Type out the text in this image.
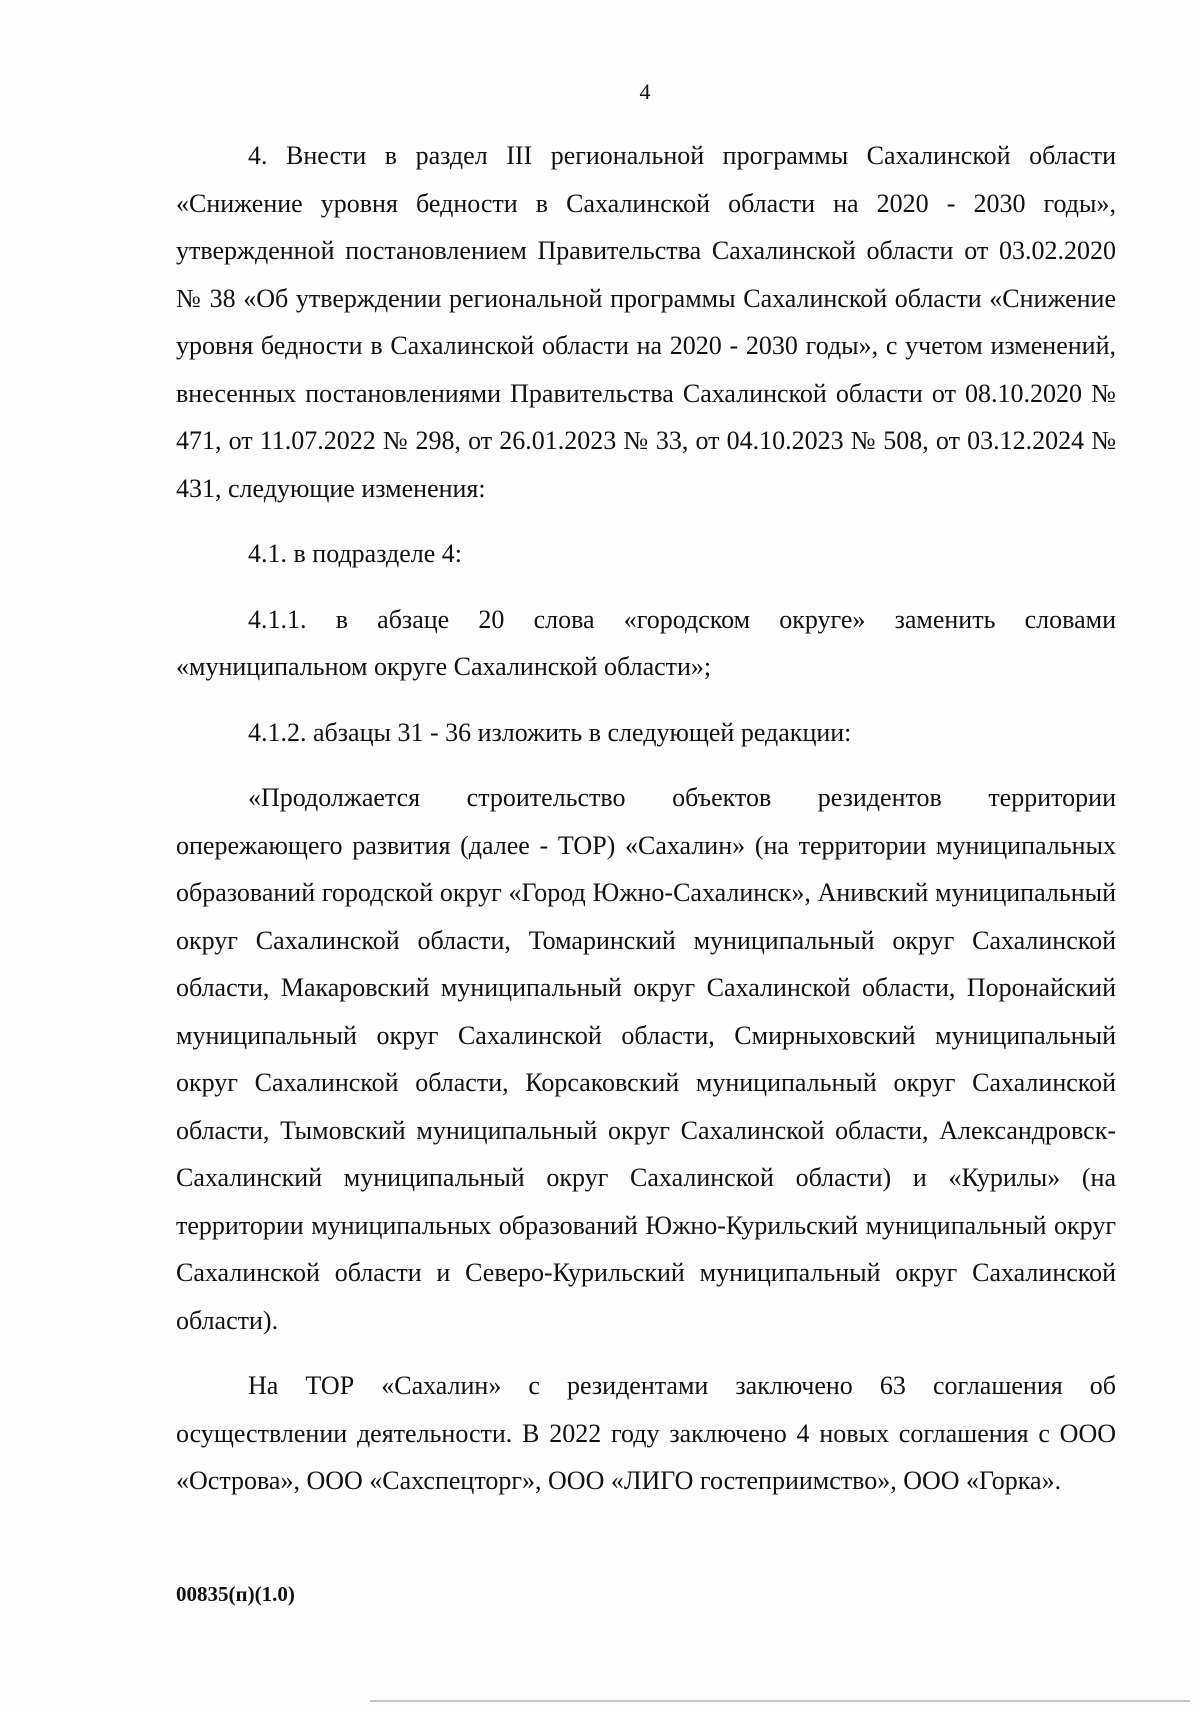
4

4. Внести в раздел III региональной программы Сахалинской области «Снижение уровня бедности в Сахалинской области на 2020 - 2030 годы», утвержденной постановлением Правительства Сахалинской области от 03.02.2020 № 38 «Об утверждении региональной программы Сахалинской области «Снижение уровня бедности в Сахалинской области на 2020 - 2030 годы», с учетом изменений, внесенных постановлениями Правительства Сахалинской области от 08.10.2020 № 471, от 11.07.2022 № 298, от 26.01.2023 № 33, от 04.10.2023 № 508, от 03.12.2024 № 431, следующие изменения:

4.1. в подразделе 4:

4.1.1. в абзаце 20 слова «городском округе» заменить словами «муниципальном округе Сахалинской области»;

4.1.2. абзацы 31 - 36 изложить в следующей редакции:

«Продолжается строительство объектов резидентов территории опережающего развития (далее - ТОР) «Сахалин» (на территории муниципальных образований городской округ «Город Южно-Сахалинск», Анивский муниципальный округ Сахалинской области, Томаринский муниципальный округ Сахалинской области, Макаровский муниципальный округ Сахалинской области, Поронайский муниципальный округ Сахалинской области, Смирныховский муниципальный округ Сахалинской области, Корсаковский муниципальный округ Сахалинской области, Тымовский муниципальный округ Сахалинской области, Александровск-Сахалинский муниципальный округ Сахалинской области) и «Курилы» (на территории муниципальных образований Южно-Курильский муниципальный округ Сахалинской области и Северо-Курильский муниципальный округ Сахалинской области).

На ТОР «Сахалин» с резидентами заключено 63 соглашения об осуществлении деятельности. В 2022 году заключено 4 новых соглашения с ООО «Острова», ООО «Сахспецторг», ООО «ЛИГО гостеприимство», ООО «Горка».

00835(п)(1.0)
